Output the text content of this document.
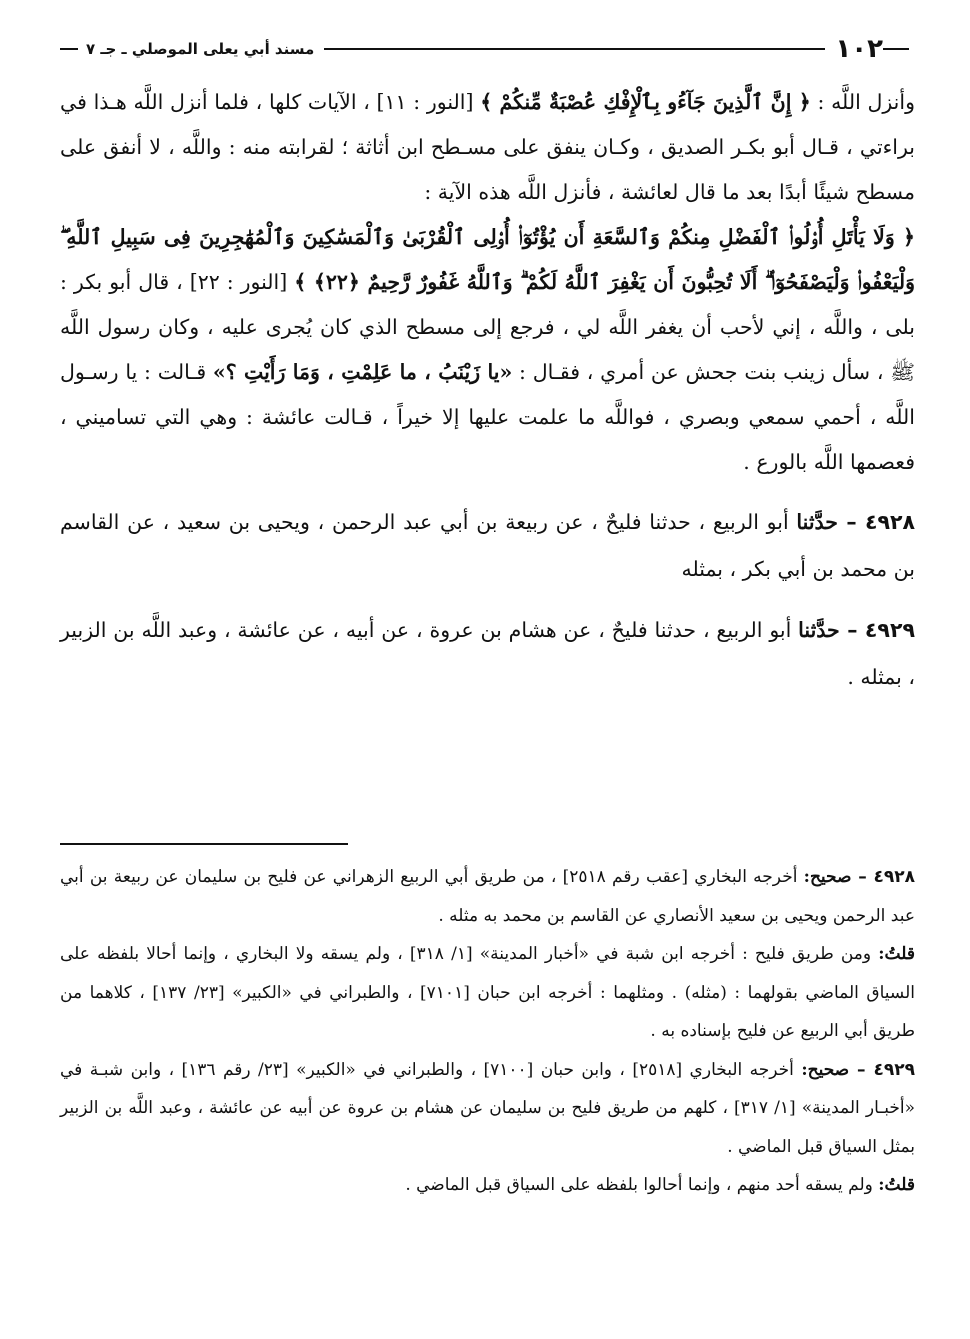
١٠٢
مسند أبي يعلى الموصلي ـ جـ ٧

وأنزل اللَّه : ﴿ إِنَّ ٱلَّذِينَ جَآءُو بِٱلْإِفْكِ عُصْبَةٌ مِّنكُمْ ﴾ [النور : ١١] ، الآيات كلها ، فلما أنزل اللَّه هـذا في براءتي ، قـال أبو بكـر الصديق ، وكـان ينفق على مسـطح ابن أثاثة ؛ لقرابته منه : واللَّه ، لا أنفق على مسطح شيئًا أبدًا بعد ما قال لعائشة ، فأنزل اللَّه هذه الآية :

﴿ وَلَا يَأْتَلِ أُو۟لُوا۟ ٱلْفَضْلِ مِنكُمْ وَٱلسَّعَةِ أَن يُؤْتُوٓا۟ أُو۟لِى ٱلْقُرْبَىٰ وَٱلْمَسَٰكِينَ وَٱلْمُهَٰجِرِينَ فِى سَبِيلِ ٱللَّهِ ۖ وَلْيَعْفُوا۟ وَلْيَصْفَحُوٓا۟ ۗ أَلَا تُحِبُّونَ أَن يَغْفِرَ ٱللَّهُ لَكُمْ ۗ وَٱللَّهُ غَفُورٌ رَّحِيمٌ ﴿٢٢﴾ ﴾ [النور : ٢٢] ، قال أبو بكر : بلى ، واللَّه ، إني لأحب أن يغفر اللَّه لي ، فرجع إلى مسطح الذي كان يُجرى عليه ، وكان رسول اللَّه ﷺ ، سأل زينب بنت جحش عن أمري ، فقـال : «يا زَيْنَبُ ، ما عَلِمْتِ ، وَمَا رَأَيْتِ ؟» قـالت : يا رسـول اللَّه ، أحمي سمعي وبصري ، فواللَّه ما علمت عليها إلا خيراً ، قـالت عائشة : وهي التي تساميني ، فعصمها اللَّه بالورع .

٤٩٢٨ – حدَّثنا أبو الربيع ، حدثنا فليحٌ ، عن ربيعة بن أبي عبد الرحمن ، ويحيى بن سعيد ، عن القاسم بن محمد بن أبي بكر ، بمثله

٤٩٢٩ – حدَّثنا أبو الربيع ، حدثنا فليحٌ ، عن هشام بن عروة ، عن أبيه ، عن عائشة ، وعبد اللَّه بن الزبير ، بمثله .

٤٩٢٨ – صحيح: أخرجه البخاري [عقب رقم ٢٥١٨] ، من طريق أبي الربيع الزهراني عن فليح بن سليمان عن ربيعة بن أبي عبد الرحمن ويحيى بن سعيد الأنصاري عن القاسم بن محمد به مثله .

قلتُ: ومن طريق فليح : أخرجه ابن شبة في «أخبار المدينة» [١/ ٣١٨] ، ولم يسقه ولا البخاري ، وإنما أحالا بلفظه على السياق الماضي بقولهما : (مثله) . ومثلهما : أخرجه ابن حبان [٧١٠١] ، والطبراني في «الكبير» [٢٣/ ١٣٧] ، كلاهما من طريق أبي الربيع عن فليح بإسناده به .

٤٩٢٩ – صحيح: أخرجه البخاري [٢٥١٨] ، وابن حبان [٧١٠٠] ، والطبراني في «الكبير» [٢٣/ رقم ١٣٦] ، وابن شبـة في «أخبـار المدينة» [١/ ٣١٧] ، كلهم من طريق فليح بن سليمان عن هشام بن عروة عن أبيه عن عائشة ، وعبد اللَّه بن الزبير بمثل السياق قبل الماضي .

قلتُ: ولم يسقه أحد منهم ، وإنما أحالوا بلفظه على السياق قبل الماضي .
